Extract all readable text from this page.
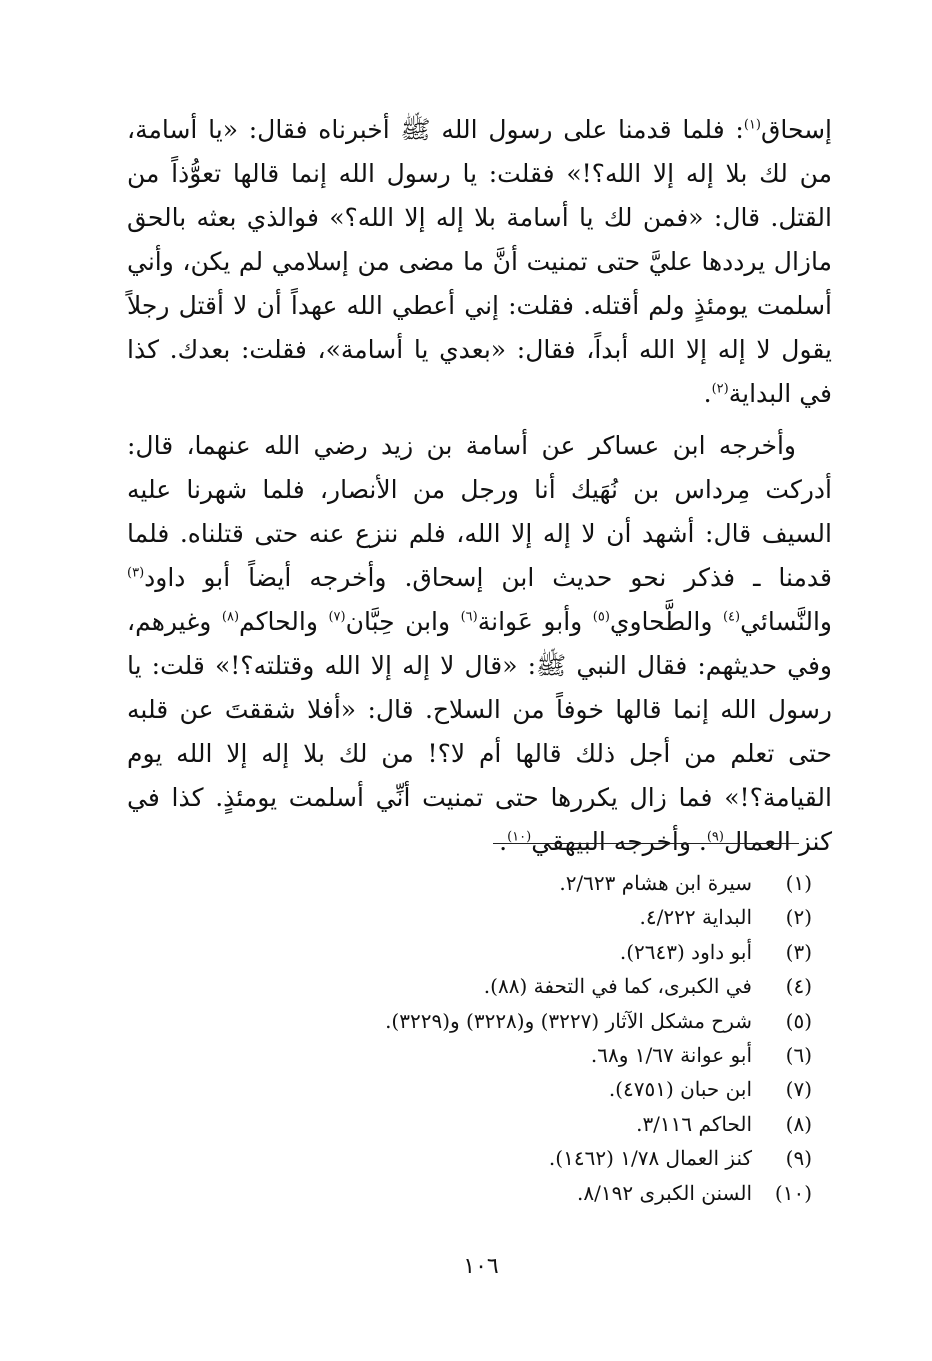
إسحاق$^{(١)}$: فلما قدمنا على رسول الله ﷺ أخبرناه فقال: «يا أسامة، من لك بلا إله إلا الله؟!» فقلت: يا رسول الله إنما قالها تعوُّذاً من القتل. قال: «فمن لك يا أسامة بلا إله إلا الله؟» فوالذي بعثه بالحق مازال يرددها عليَّ حتى تمنيت أنَّ ما مضى من إسلامي لم يكن، وأني أسلمت يومئذٍ ولم أقتله. فقلت: إني أعطي الله عهداً أن لا أقتل رجلاً يقول لا إله إلا الله أبداً، فقال: «بعدي يا أسامة»، فقلت: بعدك. كذا في البداية$^{(٢)}$.

وأخرجه ابن عساكر عن أسامة بن زيد رضي الله عنهما، قال: أدركت مِرداس بن نُهَيك أنا ورجل من الأنصار، فلما شهرنا عليه السيف قال: أشهد أن لا إله إلا الله، فلم ننزع عنه حتى قتلناه. فلما قدمنا ـ فذكر نحو حديث ابن إسحاق. وأخرجه أيضاً أبو داود$^{(٣)}$ والنَّسائي$^{(٤)}$ والطَّحاوي$^{(٥)}$ وأبو عَوانة$^{(٦)}$ وابن حِبَّان$^{(٧)}$ والحاكم$^{(٨)}$ وغيرهم، وفي حديثهم: فقال النبي ﷺ: «قال لا إله إلا الله وقتلته؟!» قلت: يا رسول الله إنما قالها خوفاً من السلاح. قال: «أفلا شققتَ عن قلبه حتى تعلم من أجل ذلك قالها أم لا؟! من لك بلا إله إلا الله يوم القيامة؟!» فما زال يكررها حتى تمنيت أنِّي أسلمت يومئذٍ. كذا في كنز العمال$^{(٩)}$. وأخرجه البيهقي$^{(١٠)}$.

(١)
سيرة ابن هشام ٢/٦٢٣.
(٢)
البداية ٤/٢٢٢.
(٣)
أبو داود (٢٦٤٣).
(٤)
في الكبرى، كما في التحفة (٨٨).
(٥)
شرح مشكل الآثار (٣٢٢٧) و(٣٢٢٨) و(٣٢٢٩).
(٦)
أبو عوانة ١/٦٧ و٦٨.
(٧)
ابن حبان (٤٧٥١).
(٨)
الحاكم ٣/١١٦.
(٩)
كنز العمال ١/٧٨ (١٤٦٢).
(١٠)
السنن الكبرى ٨/١٩٢.
١٠٦
